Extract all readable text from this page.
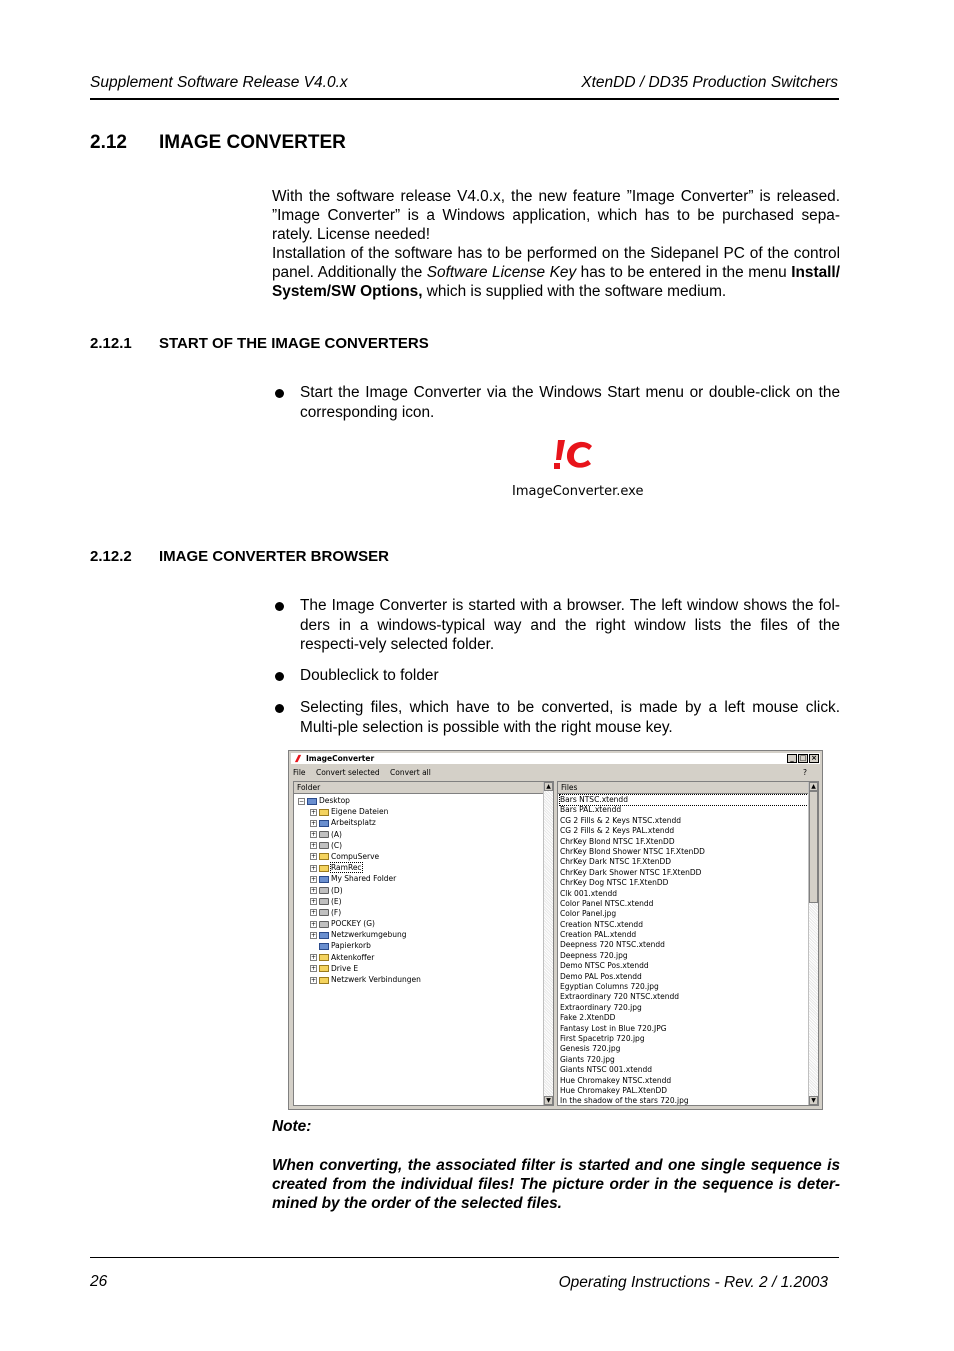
Supplement Software Release V4.0.x	XtenDD / DD35 Production Switchers
2.12 IMAGE CONVERTER
With the software release V4.0.x, the new feature ”Image Converter” is released. ”Image Converter” is a Windows application, which has to be purchased sepa-rately. License needed!
Installation of the software has to be performed on the Sidepanel PC of the control panel. Additionally the Software License Key has to be entered in the menu Install/ System/SW Options, which is supplied with the software medium.
2.12.1 START OF THE IMAGE CONVERTERS
Start the Image Converter via the Windows Start menu or double‐click on the corresponding icon.
ImageConverter.exe
2.12.2 IMAGE CONVERTER BROWSER
The Image Converter is started with a browser. The left window shows the fol-ders in a windows‐typical way and the right window lists the files of the respecti-vely selected folder.
Doubleclick to folder
Selecting files, which have to be converted, is made by a left mouse click. Multi-ple selection is possible with the right mouse key.
ImageConverter	_ □ ×
File Convert selected Convert all	?
Folder
− Desktop
+ Eigene Dateien
+ Arbeitsplatz
+ (A)
+ (C)
+ CompuServe
+ RamRec
+ My Shared Folder
+ (D)
+ (E)
+ (F)
+ POCKEY (G)
+ Netzwerkumgebung
Papierkorb
+ Aktenkoffer
+ Drive E
+ Netzwerk Verbindungen
▲
▼
Files
Bars NTSC.xtendd
Bars PAL.xtendd
CG 2 Fills & 2 Keys NTSC.xtendd
CG 2 Fills & 2 Keys PAL.xtendd
ChrKey Blond NTSC 1F.XtenDD
ChrKey Blond Shower NTSC 1F.XtenDD
ChrKey Dark NTSC 1F.XtenDD
ChrKey Dark Shower NTSC 1F.XtenDD
ChrKey Dog NTSC 1F.XtenDD
Clk 001.xtendd
Color Panel NTSC.xtendd
Color Panel.jpg
Creation NTSC.xtendd
Creation PAL.xtendd
Deepness 720 NTSC.xtendd
Deepness 720.jpg
Demo NTSC Pos.xtendd
Demo PAL Pos.xtendd
Egyptian Columns 720.jpg
Extraordinary 720 NTSC.xtendd
Extraordinary 720.jpg
Fake 2.XtenDD
Fantasy Lost in Blue 720.JPG
First Spacetrip 720.jpg
Genesis 720.jpg
Giants 720.jpg
Giants NTSC 001.xtendd
Hue Chromakey NTSC.xtendd
Hue Chromakey PAL.XtenDD
In the shadow of the stars 720.jpg
▲
▼
Note:
When converting, the associated filter is started and one single sequence is created from the individual files! The picture order in the sequence is deter-mined by the order of the selected files.
26	Operating Instructions ‐ Rev. 2 / 1.2003
